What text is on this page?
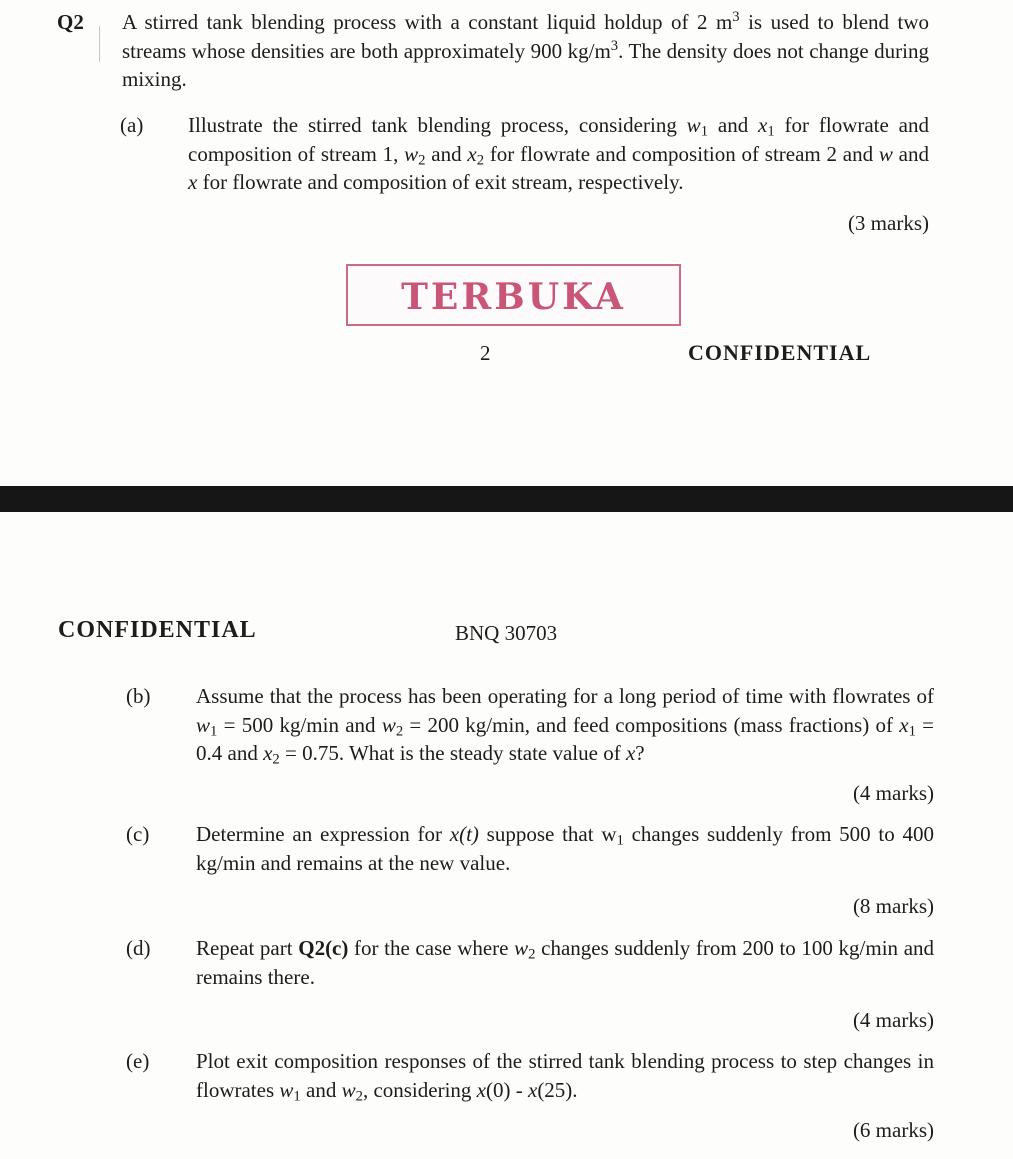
Q2 A stirred tank blending process with a constant liquid holdup of 2 $m^3$ is used to blend two streams whose densities are both approximately 900 $kg/m^3$. The density does not change during mixing.
(a) Illustrate the stirred tank blending process, considering $w_1$ and $x_1$ for flowrate and composition of stream 1, $w_2$ and $x_2$ for flowrate and composition of stream 2 and w and x for flowrate and composition of exit stream, respectively.
(3 marks)
TERBUKA
2	CONFIDENTIAL
CONFIDENTIAL	BNQ 30703
(b) Assume that the process has been operating for a long period of time with flowrates of $w_1 = 500$ kg/min and $w_2 = 200$ kg/min, and feed compositions (mass fractions) of $x_1 = 0.4$ and $x_2 = 0.75$. What is the steady state value of x?
(4 marks)
(c) Determine an expression for x(t) suppose that $w_1$ changes suddenly from 500 to 400 kg/min and remains at the new value.
(8 marks)
(d) Repeat part Q2(c) for the case where $w_2$ changes suddenly from 200 to 100 kg/min and remains there.
(4 marks)
(e) Plot exit composition responses of the stirred tank blending process to step changes in flowrates $w_1$ and $w_2$, considering x(0) - x(25).
(6 marks)
